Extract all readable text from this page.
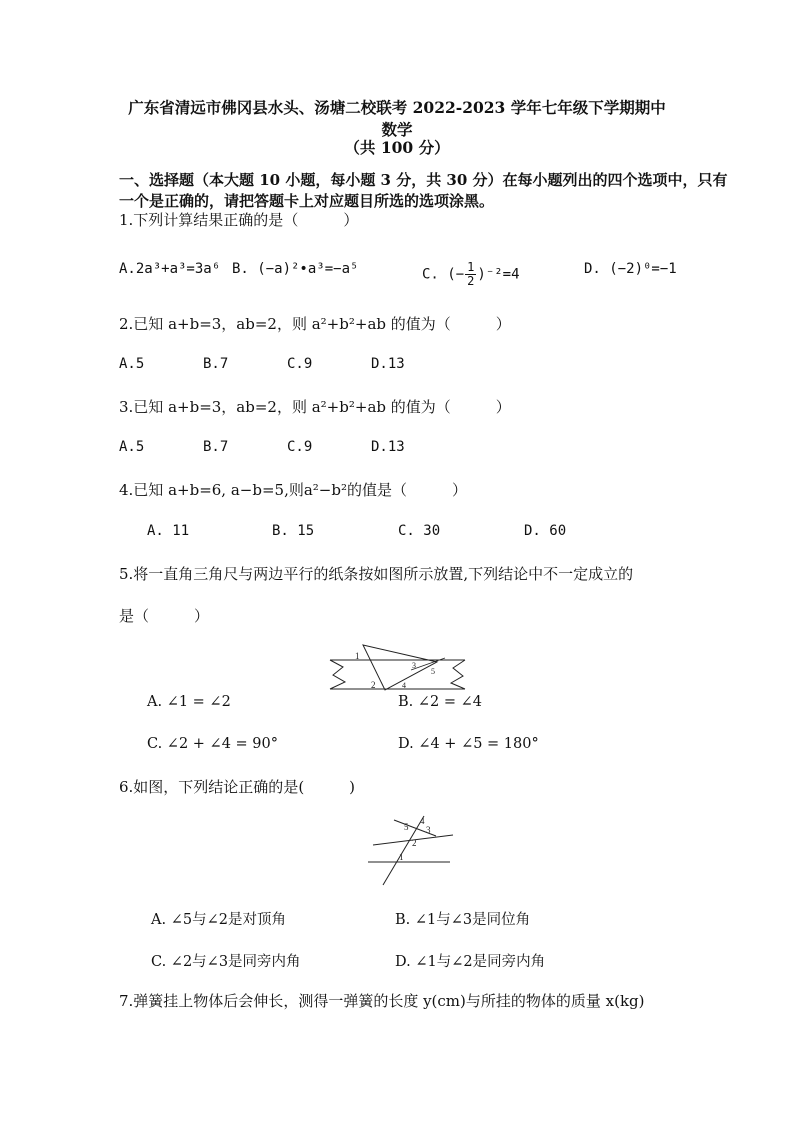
广东省清远市佛冈县水头、汤塘二校联考 2022-2023 学年七年级下学期期中
数学
（共 100 分）
一、选择题（本大题 10 小题，每小题 3 分，共 30 分）在每小题列出的四个选项中，只有
一个是正确的，请把答题卡上对应题目所选的选项涂黑。
1.下列计算结果正确的是（　　　）
A.2a³+a³=3a⁶ B. (−a)²•a³=−a⁵	C. (− $\frac{1}{2} )^{-2}=4$	D. (−2)⁰=−1
2.已知 a+b=3，ab=2，则 a²+b²+ab 的值为（　　　）
A.5	B.7	C.9	D.13
3.已知 a+b=3，ab=2，则 a²+b²+ab 的值为（　　　）
A.5	B.7	C.9	D.13
4.已知 a+b=6, a−b=5,则a²−b²的值是（　　　）
A. 11	B. 15	C. 30	D. 60
5.将一直角三角尺与两边平行的纸条按如图所示放置,下列结论中不一定成立的
是（　　　）
1
2
3
4
5
A. ∠1 = ∠2	B. ∠2 = ∠4
C. ∠2 + ∠4 = 90°	D. ∠4 + ∠5 = 180°
6.如图，下列结论正确的是(　　　)
5
4
3
2
1
A. ∠5与∠2是对顶角	B. ∠1与∠3是同位角
C. ∠2与∠3是同旁内角	D. ∠1与∠2是同旁内角
7.弹簧挂上物体后会伸长，测得一弹簧的长度 y(cm)与所挂的物体的质量 x(kg)
